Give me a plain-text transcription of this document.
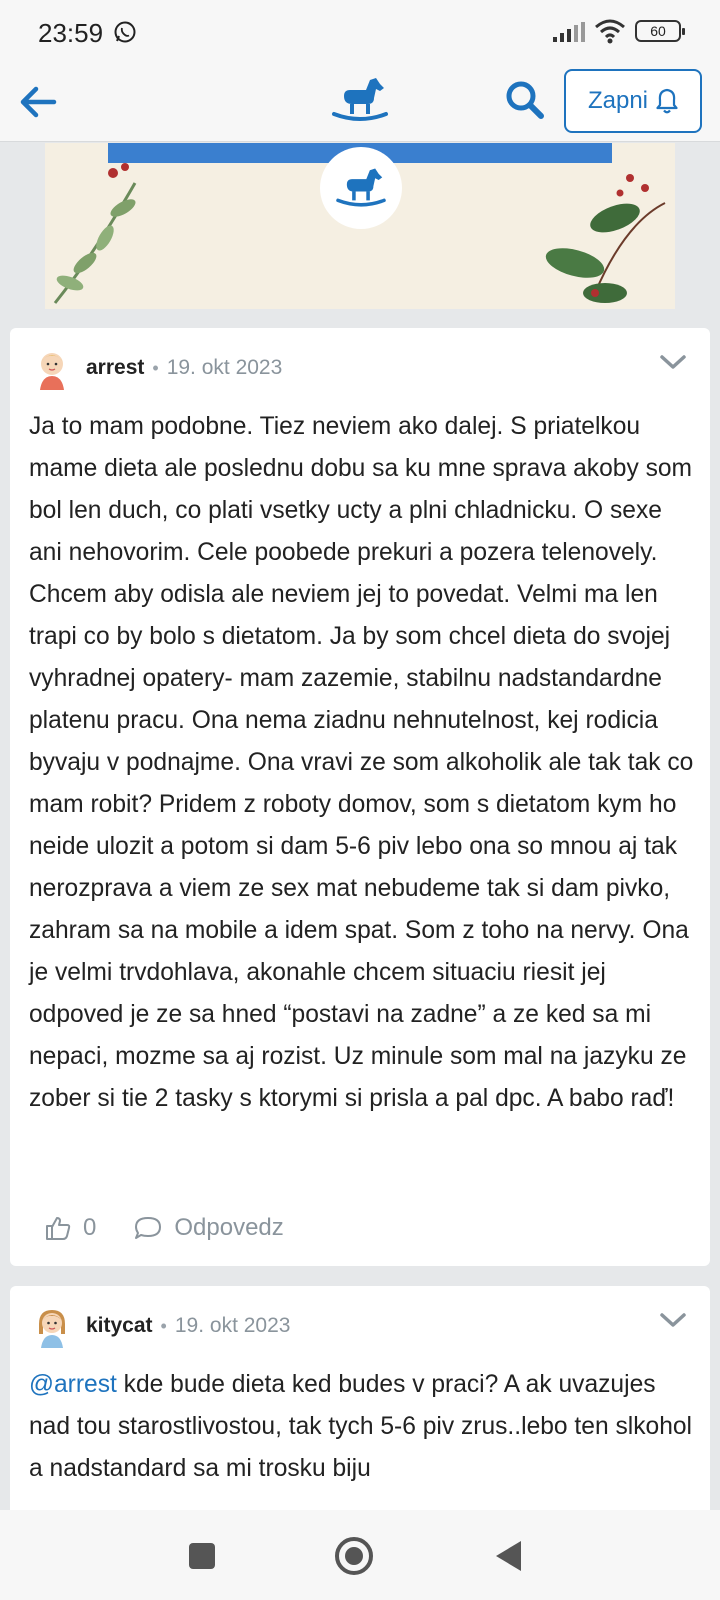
23:59	60
Zapni
arrest • 19. okt 2023
Ja to mam podobne. Tiez neviem ako dalej. S priatelkou mame dieta ale poslednu dobu sa ku mne sprava akoby som bol len duch, co plati vsetky ucty a plni chladnicku. O sexe ani nehovorim. Cele poobede prekuri a pozera telenovely. Chcem aby odisla ale neviem jej to povedat. Velmi ma len trapi co by bolo s dietatom. Ja by som chcel dieta do svojej vyhradnej opatery- mam zazemie, stabilnu nadstandardne platenu pracu. Ona nema ziadnu nehnutelnost, kej rodicia byvaju v podnajme. Ona vravi ze som alkoholik ale tak tak co mam robit? Pridem z roboty domov, som s dietatom kym ho neide ulozit a potom si dam 5-6 piv lebo ona so mnou aj tak nerozprava a viem ze sex mat nebudeme tak si dam pivko, zahram sa na mobile a idem spat. Som z toho na nervy. Ona je velmi trvdohlava, akonahle chcem situaciu riesit jej odpoved je ze sa hned “postavi na zadne” a ze ked sa mi nepaci, mozme sa aj rozist. Uz minule som mal na jazyku ze zober si tie 2 tasky s ktorymi si prisla a pal dpc. A babo raď!
0	Odpovedz
kitycat • 19. okt 2023
@arrest kde bude dieta ked budes v praci? A ak uvazujes nad tou starostlivostou, tak tych 5-6 piv zrus..lebo ten slkohol a nadstandard sa mi trosku biju
